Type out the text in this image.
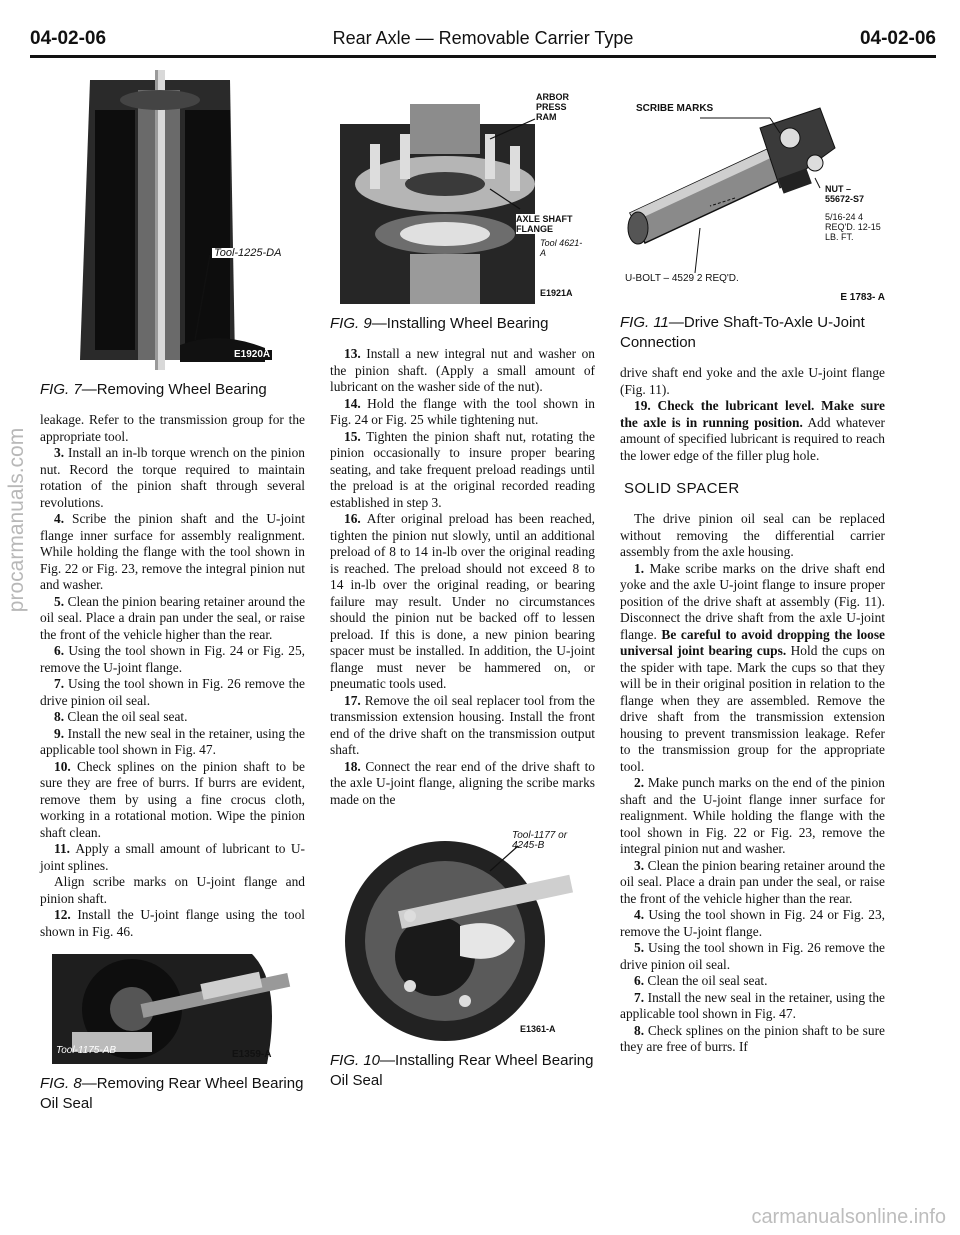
04-02-06	Rear Axle — Removable Carrier Type	04-02-06
procarmanuals.com
carmanualsonline.info
Tool-1225-DA
E1920A
FIG. 7—Removing Wheel Bearing

leakage. Refer to the transmission group for the appropriate tool.

3. Install an in-lb torque wrench on the pinion nut. Record the torque required to maintain rotation of the pinion shaft through several revolutions.

4. Scribe the pinion shaft and the U-joint flange inner surface for assembly realignment. While holding the flange with the tool shown in Fig. 22 or Fig. 23, remove the integral pinion nut and washer.

5. Clean the pinion bearing retainer around the oil seal. Place a drain pan under the seal, or raise the front of the vehicle higher than the rear.

6. Using the tool shown in Fig. 24 or Fig. 25, remove the U-joint flange.

7. Using the tool shown in Fig. 26 remove the drive pinion oil seal.

8. Clean the oil seal seat.

9. Install the new seal in the retainer, using the applicable tool shown in Fig. 47.

10. Check splines on the pinion shaft to be sure they are free of burrs. If burrs are evident, remove them by using a fine crocus cloth, working in a rotational motion. Wipe the pinion shaft clean.

11. Apply a small amount of lubricant to U-joint splines.

Align scribe marks on U-joint flange and pinion shaft.

12. Install the U-joint flange using the tool shown in Fig. 46.

Tool-1175-AB	E1359-A
FIG. 8—Removing Rear Wheel Bearing Oil Seal
ARBOR PRESS RAM
AXLE SHAFT FLANGE
Tool 4621-A
E1921A
FIG. 9—Installing Wheel Bearing

13. Install a new integral nut and washer on the pinion shaft. (Apply a small amount of lubricant on the washer side of the nut).

14. Hold the flange with the tool shown in Fig. 24 or Fig. 25 while tightening nut.

15. Tighten the pinion shaft nut, rotating the pinion occasionally to insure proper bearing seating, and take frequent preload readings until the preload is at the original recorded reading established in step 3.

16. After original preload has been reached, tighten the pinion nut slowly, until an additional preload of 8 to 14 in-lb over the original reading is reached. The preload should not exceed 8 to 14 in-lb over the original reading, or bearing failure may result. Under no circumstances should the pinion nut be backed off to lessen preload. If this is done, a new pinion bearing spacer must be installed. In addition, the U-joint flange must never be hammered on, or pneumatic tools used.

17. Remove the oil seal replacer tool from the transmission extension housing. Install the front end of the drive shaft on the transmission output shaft.

18. Connect the rear end of the drive shaft to the axle U-joint flange, aligning the scribe marks made on the

Tool-1177 or 4245-B
E1361-A
FIG. 10—Installing Rear Wheel Bearing Oil Seal
SCRIBE MARKS
NUT – 55672-S7
5/16-24 4 REQ'D. 12-15 LB. FT.
U-BOLT – 4529 2 REQ'D.
E 1783- A
FIG. 11—Drive Shaft-To-Axle U-Joint Connection

drive shaft end yoke and the axle U-joint flange (Fig. 11).

19. Check the lubricant level. Make sure the axle is in running position. Add whatever amount of specified lubricant is required to reach the lower edge of the filler plug hole.

SOLID SPACER

The drive pinion oil seal can be replaced without removing the differential carrier assembly from the axle housing.

1. Make scribe marks on the drive shaft end yoke and the axle U-joint flange to insure proper position of the drive shaft at assembly (Fig. 11). Disconnect the drive shaft from the axle U-joint flange. Be careful to avoid dropping the loose universal joint bearing cups. Hold the cups on the spider with tape. Mark the cups so that they will be in their original position in relation to the flange when they are assembled. Remove the drive shaft from the transmission extension housing to prevent transmission leakage. Refer to the transmission group for the appropriate tool.

2. Make punch marks on the end of the pinion shaft and the U-joint flange inner surface for realignment. While holding the flange with the tool shown in Fig. 22 or Fig. 23, remove the integral pinion nut and washer.

3. Clean the pinion bearing retainer around the oil seal. Place a drain pan under the seal, or raise the front of the vehicle higher than the rear.

4. Using the tool shown in Fig. 24 or Fig. 23, remove the U-joint flange.

5. Using the tool shown in Fig. 26 remove the drive pinion oil seal.

6. Clean the oil seal seat.

7. Install the new seal in the retainer, using the applicable tool shown in Fig. 47.

8. Check splines on the pinion shaft to be sure they are free of burrs. If
